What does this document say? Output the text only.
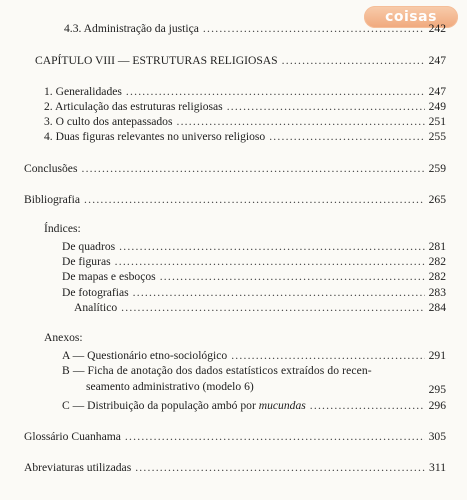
coisas
4.3. Administração da justiça .....	242
CAPÍTULO VIII — ESTRUTURAS RELIGIOSAS .....	247
1. Generalidades .....	247
2. Articulação das estruturas religiosas .....	249
3. O culto dos antepassados .....	251
4. Duas figuras relevantes no universo religioso .....	255
Conclusões .....	259
Bibliografia .....	265
Índices:
De quadros .....	281
De figuras .....	282
De mapas e esboços .....	282
De fotografias .....	283
Analítico .....	284
Anexos:
A — Questionário etno-sociológico .....	291
B — Ficha de anotação dos dados estatísticos extraídos do recen-
seamento administrativo (modelo 6)	295
C — Distribuição da população ambó por mucundas .....	296
Glossário Cuanhama .....	305
Abreviaturas utilizadas .....	311
